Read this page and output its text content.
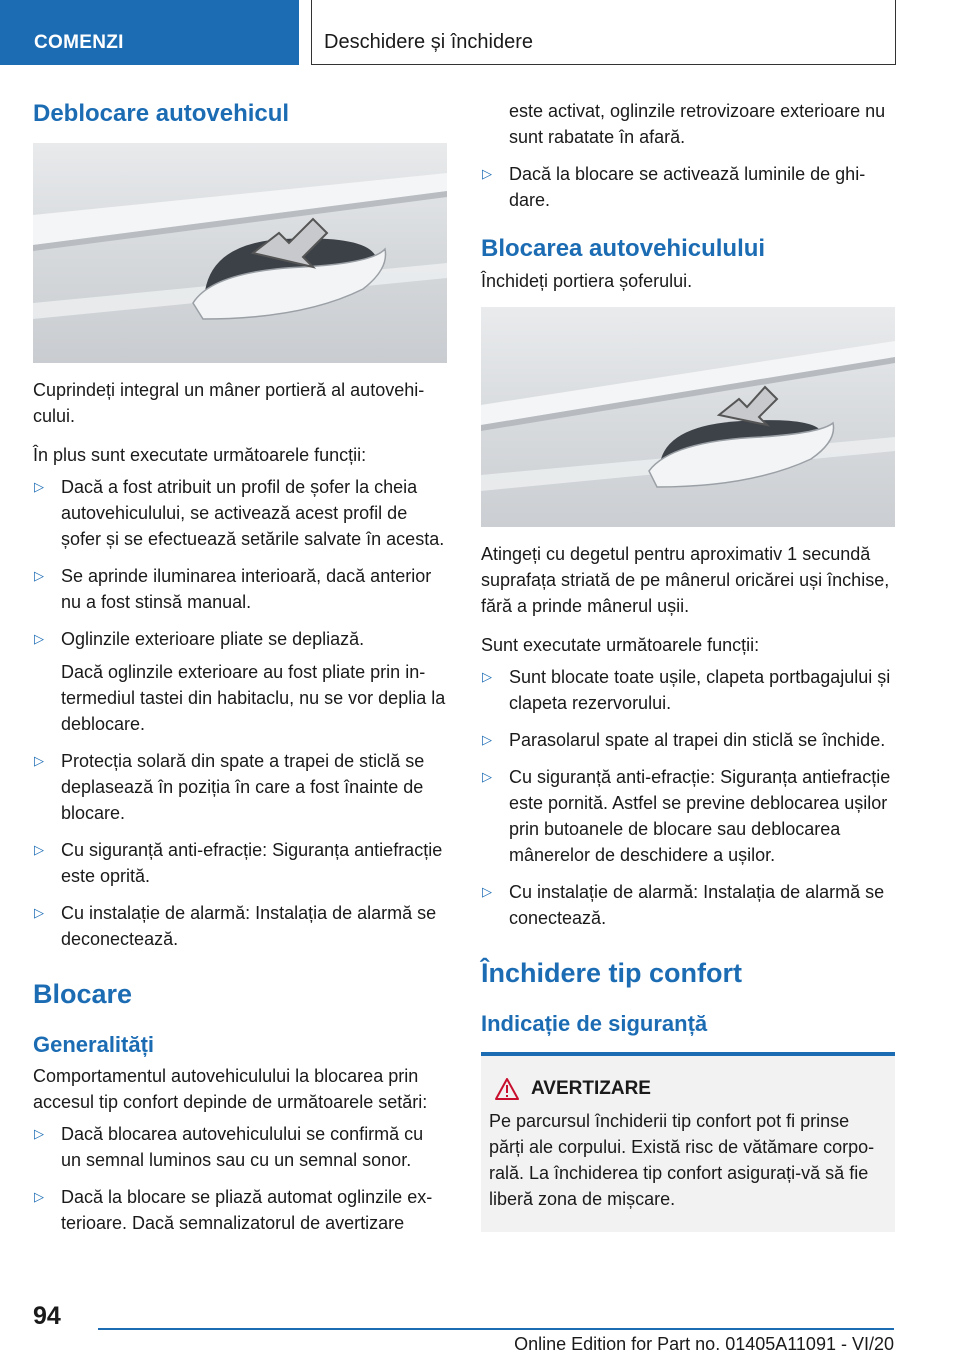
COMENZI	Deschidere și închidere
Deblocare autovehicul

Cuprindeți integral un mâner portieră al autovehicului.

În plus sunt executate următoarele funcții:

▷ Dacă a fost atribuit un profil de șofer la cheia autovehiculului, se activează acest profil de șofer și se efectuează setările salvate în acesta.
▷ Se aprinde iluminarea interioară, dacă anterior nu a fost stinsă manual.
▷ Oglinzile exterioare pliate se depliază.
Dacă oglinzile exterioare au fost pliate prin intermediul tastei din habitaclu, nu se vor deplia la deblocare.
▷ Protecția solară din spate a trapei de sticlă se deplasează în poziția în care a fost înainte de blocare.
▷ Cu siguranță anti-efracție: Siguranța antiefracție este oprită.
▷ Cu instalație de alarmă: Instalația de alarmă se deconectează.
Blocare
Generalități

Comportamentul autovehiculului la blocarea prin accesul tip confort depinde de următoarele setări:

▷ Dacă blocarea autovehiculului se confirmă cu un semnal luminos sau cu un semnal sonor.
▷ Dacă la blocare se pliază automat oglinzile exterioare. Dacă semnalizatorul de avertizare
este activat, oglinzile retrovizoare exterioare nu sunt rabatate în afară.
▷ Dacă la blocare se activează luminile de ghidare.
Blocarea autovehiculului

Închideți portiera șoferului.

Atingeți cu degetul pentru aproximativ 1 secundă suprafața striată de pe mânerul oricărei uși închise, fără a prinde mânerul ușii.

Sunt executate următoarele funcții:

▷ Sunt blocate toate ușile, clapeta portbagajului și clapeta rezervorului.
▷ Parasolarul spate al trapei din sticlă se închide.
▷ Cu siguranță anti-efracție: Siguranța antiefracție este pornită. Astfel se previne deblocarea ușilor prin butoanele de blocare sau deblocarea mânerelor de deschidere a ușilor.
▷ Cu instalație de alarmă: Instalația de alarmă se conectează.
Închidere tip confort
Indicație de siguranță
AVERTIZARE

Pe parcursul închiderii tip confort pot fi prinse părți ale corpului. Există risc de vătămare corporală. La închiderea tip confort asigurați-vă să fie liberă zona de mișcare.

94
Online Edition for Part no. 01405A11091 - VI/20
